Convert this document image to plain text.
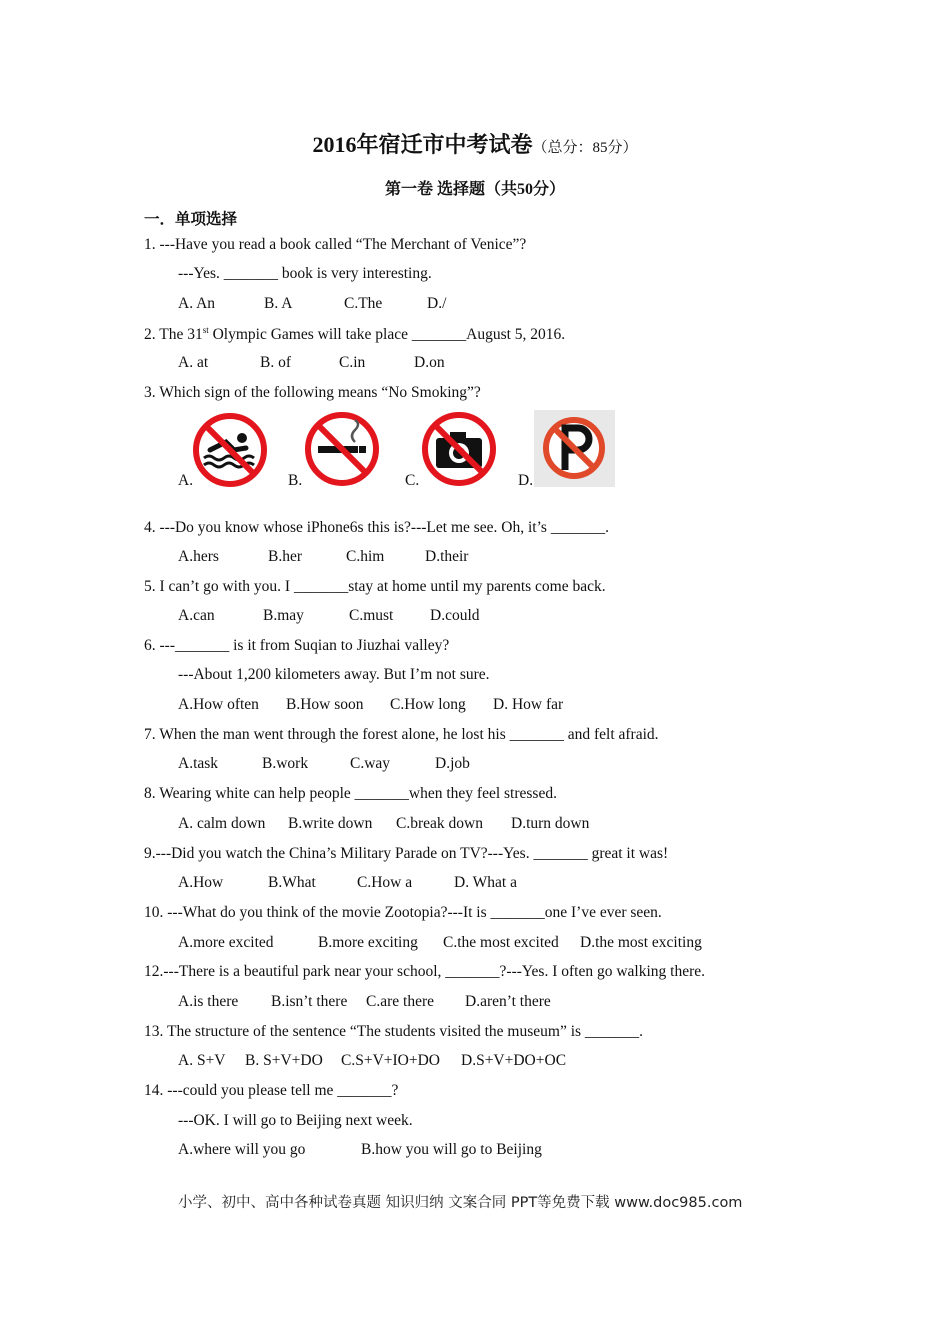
2016年宿迁市中考试卷（总分：85分）
第一卷 选择题（共50分）
一．单项选择
1. ---Have you read a book called “The Merchant of Venice”?
---Yes. _______ book is very interesting.
A. An	B. A	C.The	D./
2. The 31st Olympic Games will take place _______August 5, 2016.
A. at	B. of	C.in	D.on
3. Which sign of the following means “No Smoking”?
A.	B.	C.	D.
4. ---Do you know whose iPhone6s this is?---Let me see. Oh, it’s _______.
A.hers	B.her	C.him	D.their
5. I can’t go with you. I _______stay at home until my parents come back.
A.can	B.may	C.must D.could
6. ---_______ is it from Suqian to Jiuzhai valley?
---About 1,200 kilometers away. But I’m not sure.
A.How often B.How soon C.How long D. How far
7. When the man went through the forest alone, he lost his _______ and felt afraid.
A.task	B.work	C.way	D.job
8. Wearing white can help people _______when they feel stressed.
A. calm down B.write down C.break down D.turn down
9.---Did you watch the China’s Military Parade on TV?---Yes. _______ great it was!
A.How	B.What	C.How a	D. What a
10. ---What do you think of the movie Zootopia?---It is _______one I’ve ever seen.
A.more excited	B.more exciting C.the most excited D.the most exciting
12.---There is a beautiful park near your school, _______?---Yes. I often go walking there.
A.is there B.isn’t there C.are there D.aren’t there
13. The structure of the sentence “The students visited the museum” is _______.
A. S+V B. S+V+DO C.S+V+IO+DO D.S+V+DO+OC
14. ---could you please tell me _______?
---OK. I will go to Beijing next week.
A.where will you go	B.how you will go to Beijing
小学、初中、高中各种试卷真题 知识归纳 文案合同 PPT等免费下载 www.doc985.com
